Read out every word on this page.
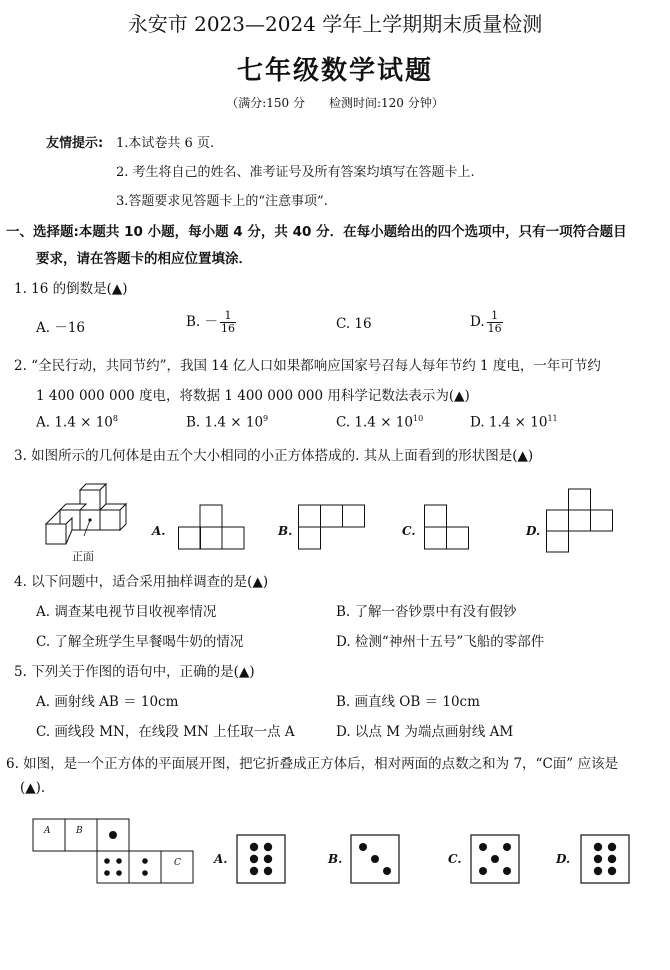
永安市 2023—2024 学年上学期期末质量检测
七年级数学试题
（满分:150 分　　检测时间:120 分钟）
友情提示: 1.本试卷共 6 页.
2. 考生将自己的姓名、准考证号及所有答案均填写在答题卡上.
3.答题要求见答题卡上的“注意事项”.
一、选择题:本题共 10 小题，每小题 4 分，共 40 分．在每小题给出的四个选项中，只有一项符合题目
要求，请在答题卡的相应位置填涂．
1. 16 的倒数是(▲)
A. －16	B. － $\frac{1}{16}$	C. 16	D. $\frac{1}{16}$
2. “全民行动，共同节约”，我国 14 亿人口如果都响应国家号召每人每年节约 1 度电，一年可节约
1 400 000 000 度电，将数据 1 400 000 000 用科学记数法表示为(▲)
A. $1.4 \times 10^8$	B. $1.4 \times 10^9$	C. $1.4 \times 10^{10}$	D. $1.4 \times 10^{11}$
3. 如图所示的几何体是由五个大小相同的小正方体搭成的. 其从上面看到的形状图是(▲)
正面
A.	B.	C.	D.
4. 以下问题中，适合采用抽样调查的是(▲)
A. 调查某电视节目收视率情况	B. 了解一沓钞票中有没有假钞
C. 了解全班学生早餐喝牛奶的情况	D. 检测“神州十五号”飞船的零部件
5. 下列关于作图的语句中，正确的是(▲)
A. 画射线 AB ＝ 10cm	B. 画直线 OB ＝ 10cm
C. 画线段 MN，在线段 MN 上任取一点 A	D. 以点 M 为端点画射线 AM
6. 如图，是一个正方体的平面展开图，把它折叠成正方体后，相对两面的点数之和为 7，“C面” 应该是
(▲).
A	B
C	A.	B.	C.	D.
